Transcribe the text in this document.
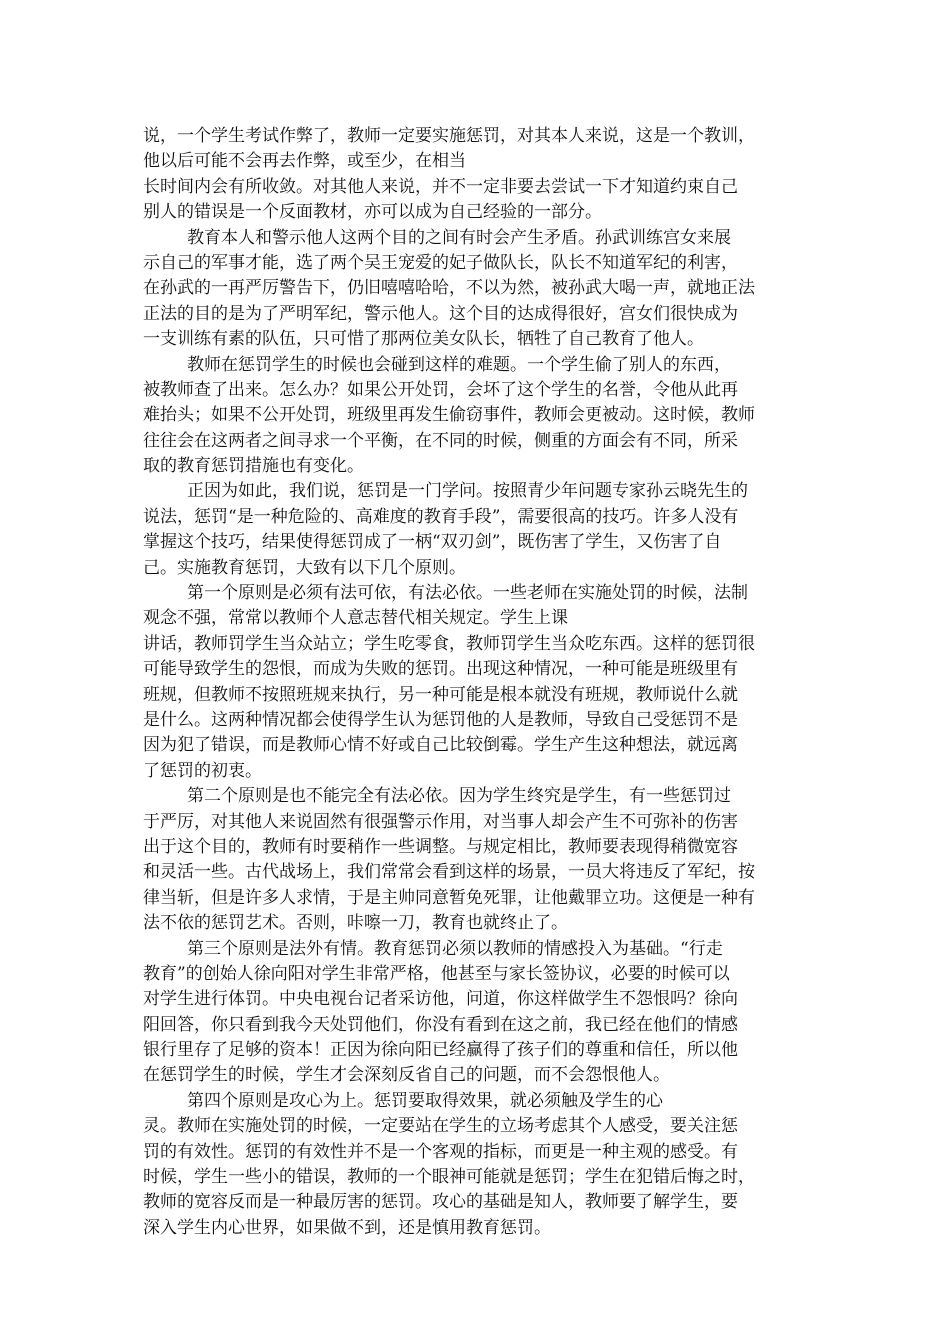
说，一个学生考试作弊了，教师一定要实施惩罚，对其本人来说，这是一个教训，
他以后可能不会再去作弊，或至少，在相当
长时间内会有所收敛。对其他人来说，并不一定非要去尝试一下才知道约束自己
别人的错误是一个反面教材，亦可以成为自己经验的一部分。
教育本人和警示他人这两个目的之间有时会产生矛盾。孙武训练宫女来展
示自己的军事才能，选了两个吴王宠爱的妃子做队长，队长不知道军纪的利害，
在孙武的一再严厉警告下，仍旧嘻嘻哈哈，不以为然，被孙武大喝一声，就地正法
正法的目的是为了严明军纪，警示他人。这个目的达成得很好，宫女们很快成为
一支训练有素的队伍，只可惜了那两位美女队长，牺牲了自己教育了他人。
教师在惩罚学生的时候也会碰到这样的难题。一个学生偷了别人的东西，
被教师查了出来。怎么办？如果公开处罚，会坏了这个学生的名誉，令他从此再
难抬头；如果不公开处罚，班级里再发生偷窃事件，教师会更被动。这时候，教师
往往会在这两者之间寻求一个平衡，在不同的时候，侧重的方面会有不同，所采
取的教育惩罚措施也有变化。
正因为如此，我们说，惩罚是一门学问。按照青少年问题专家孙云晓先生的
说法，惩罚“是一种危险的、高难度的教育手段”，需要很高的技巧。许多人没有
掌握这个技巧，结果使得惩罚成了一柄“双刃剑”，既伤害了学生，又伤害了自
己。实施教育惩罚，大致有以下几个原则。
第一个原则是必须有法可依，有法必依。一些老师在实施处罚的时候，法制
观念不强，常常以教师个人意志替代相关规定。学生上课
讲话，教师罚学生当众站立；学生吃零食，教师罚学生当众吃东西。这样的惩罚很
可能导致学生的怨恨，而成为失败的惩罚。出现这种情况，一种可能是班级里有
班规，但教师不按照班规来执行，另一种可能是根本就没有班规，教师说什么就
是什么。这两种情况都会使得学生认为惩罚他的人是教师，导致自己受惩罚不是
因为犯了错误，而是教师心情不好或自己比较倒霉。学生产生这种想法，就远离
了惩罚的初衷。
第二个原则是也不能完全有法必依。因为学生终究是学生，有一些惩罚过
于严厉，对其他人来说固然有很强警示作用，对当事人却会产生不可弥补的伤害
出于这个目的，教师有时要稍作一些调整。与规定相比，教师要表现得稍微宽容
和灵活一些。古代战场上，我们常常会看到这样的场景，一员大将违反了军纪，按
律当斩，但是许多人求情，于是主帅同意暂免死罪，让他戴罪立功。这便是一种有
法不依的惩罚艺术。否则，咔嚓一刀，教育也就终止了。
第三个原则是法外有情。教育惩罚必须以教师的情感投入为基础。“行走
教育”的创始人徐向阳对学生非常严格，他甚至与家长签协议，必要的时候可以
对学生进行体罚。中央电视台记者采访他，问道，你这样做学生不怨恨吗？徐向
阳回答，你只看到我今天处罚他们，你没有看到在这之前，我已经在他们的情感
银行里存了足够的资本！正因为徐向阳已经赢得了孩子们的尊重和信任，所以他
在惩罚学生的时候，学生才会深刻反省自己的问题，而不会怨恨他人。
第四个原则是攻心为上。惩罚要取得效果，就必须触及学生的心
灵。教师在实施处罚的时候，一定要站在学生的立场考虑其个人感受，要关注惩
罚的有效性。惩罚的有效性并不是一个客观的指标，而更是一种主观的感受。有
时候，学生一些小的错误，教师的一个眼神可能就是惩罚；学生在犯错后悔之时，
教师的宽容反而是一种最厉害的惩罚。攻心的基础是知人，教师要了解学生，要
深入学生内心世界，如果做不到，还是慎用教育惩罚。
